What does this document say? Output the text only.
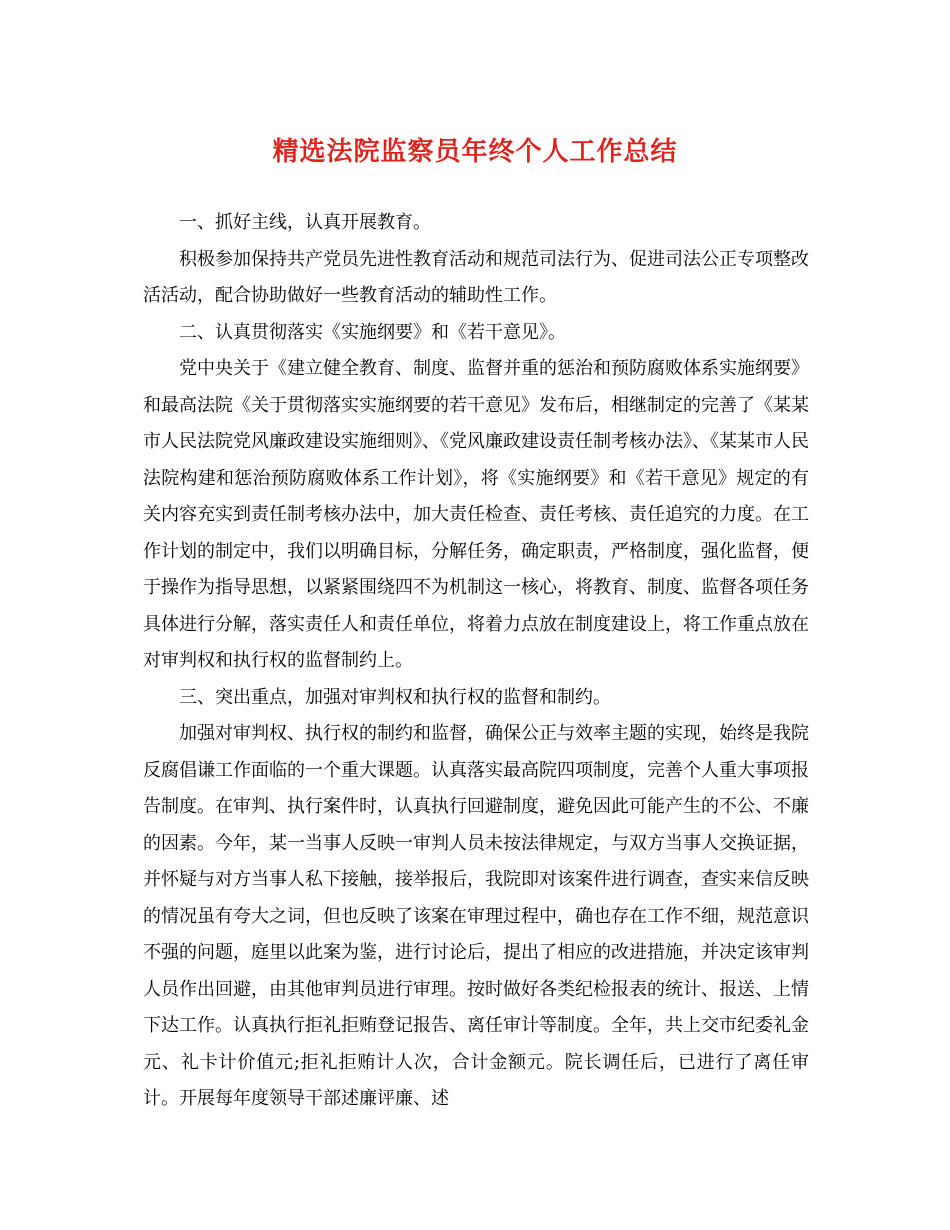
精选法院监察员年终个人工作总结

一、抓好主线，认真开展教育。

积极参加保持共产党员先进性教育活动和规范司法行为、促进司法公正专项整改活活动，配合协助做好一些教育活动的辅助性工作。

二、认真贯彻落实《实施纲要》和《若干意见》。

党中央关于《建立健全教育、制度、监督并重的惩治和预防腐败体系实施纲要》和最高法院《关于贯彻落实实施纲要的若干意见》发布后，相继制定的完善了《某某市人民法院党风廉政建设实施细则》、《党风廉政建设责任制考核办法》、《某某市人民法院构建和惩治预防腐败体系工作计划》，将《实施纲要》和《若干意见》规定的有关内容充实到责任制考核办法中，加大责任检查、责任考核、责任追究的力度。在工作计划的制定中，我们以明确目标，分解任务，确定职责，严格制度，强化监督，便于操作为指导思想，以紧紧围绕四不为机制这一核心，将教育、制度、监督各项任务具体进行分解，落实责任人和责任单位，将着力点放在制度建设上，将工作重点放在对审判权和执行权的监督制约上。

三、突出重点，加强对审判权和执行权的监督和制约。

加强对审判权、执行权的制约和监督，确保公正与效率主题的实现，始终是我院反腐倡谦工作面临的一个重大课题。认真落实最高院四项制度，完善个人重大事项报告制度。在审判、执行案件时，认真执行回避制度，避免因此可能产生的不公、不廉的因素。今年，某一当事人反映一审判人员未按法律规定，与双方当事人交换证据，并怀疑与对方当事人私下接触，接举报后，我院即对该案件进行调查，查实来信反映的情况虽有夸大之词，但也反映了该案在审理过程中，确也存在工作不细，规范意识不强的问题，庭里以此案为鉴，进行讨论后，提出了相应的改进措施，并决定该审判人员作出回避，由其他审判员进行审理。按时做好各类纪检报表的统计、报送、上情下达工作。认真执行拒礼拒贿登记报告、离任审计等制度。全年，共上交市纪委礼金元、礼卡计价值元;拒礼拒贿计人次，合计金额元。院长调任后，已进行了离任审计。开展每年度领导干部述廉评廉、述
